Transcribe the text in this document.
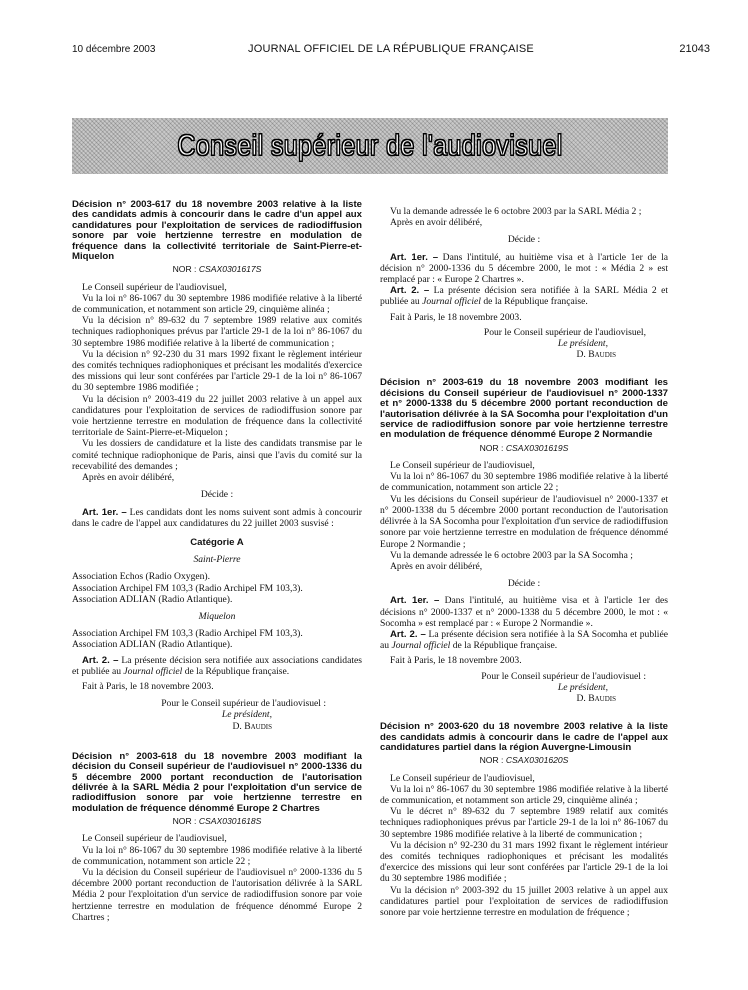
10 décembre 2003	JOURNAL OFFICIEL DE LA RÉPUBLIQUE FRANÇAISE	21043
Conseil supérieur de l'audiovisuel

Décision n° 2003-617 du 18 novembre 2003 relative à la liste des candidats admis à concourir dans le cadre d'un appel aux candidatures pour l'exploitation de services de radiodiffusion sonore par voie hertzienne terrestre en modulation de fréquence dans la collectivité territoriale de Saint-Pierre-et-Miquelon

NOR : CSAX0301617S

Le Conseil supérieur de l'audiovisuel,

Vu la loi n° 86-1067 du 30 septembre 1986 modifiée relative à la liberté de communication, et notamment son article 29, cinquième alinéa ;

Vu la décision n° 89-632 du 7 septembre 1989 relative aux comités techniques radiophoniques prévus par l'article 29-1 de la loi n° 86-1067 du 30 septembre 1986 modifiée relative à la liberté de communication ;

Vu la décision n° 92-230 du 31 mars 1992 fixant le règlement intérieur des comités techniques radiophoniques et précisant les modalités d'exercice des missions qui leur sont conférées par l'article 29-1 de la loi n° 86-1067 du 30 septembre 1986 modifiée ;

Vu la décision n° 2003-419 du 22 juillet 2003 relative à un appel aux candidatures pour l'exploitation de services de radiodiffusion sonore par voie hertzienne terrestre en modulation de fréquence dans la collectivité territoriale de Saint-Pierre-et-Miquelon ;

Vu les dossiers de candidature et la liste des candidats transmise par le comité technique radiophonique de Paris, ainsi que l'avis du comité sur la recevabilité des demandes ;

Après en avoir délibéré,

Décide :

Art. 1er. – Les candidats dont les noms suivent sont admis à concourir dans le cadre de l'appel aux candidatures du 22 juillet 2003 susvisé :

Catégorie A

Saint-Pierre

Association Echos (Radio Oxygen).

Association Archipel FM 103,3 (Radio Archipel FM 103,3).

Association ADLIAN (Radio Atlantique).

Miquelon

Association Archipel FM 103,3 (Radio Archipel FM 103,3).

Association ADLIAN (Radio Atlantique).

Art. 2. – La présente décision sera notifiée aux associations candidates et publiée au Journal officiel de la République française.

Fait à Paris, le 18 novembre 2003.

Pour le Conseil supérieur de l'audiovisuel :

Le président,

D. Baudis

Décision n° 2003-618 du 18 novembre 2003 modifiant la décision du Conseil supérieur de l'audiovisuel n° 2000-1336 du 5 décembre 2000 portant reconduction de l'autorisation délivrée à la SARL Média 2 pour l'exploitation d'un service de radiodiffusion sonore par voie hertzienne terrestre en modulation de fréquence dénommé Europe 2 Chartres

NOR : CSAX0301618S

Le Conseil supérieur de l'audiovisuel,

Vu la loi n° 86-1067 du 30 septembre 1986 modifiée relative à la liberté de communication, notamment son article 22 ;

Vu la décision du Conseil supérieur de l'audiovisuel n° 2000-1336 du 5 décembre 2000 portant reconduction de l'autorisation délivrée à la SARL Média 2 pour l'exploitation d'un service de radiodiffusion sonore par voie hertzienne terrestre en modulation de fréquence dénommé Europe 2 Chartres ;

Vu la demande adressée le 6 octobre 2003 par la SARL Média 2 ;

Après en avoir délibéré,

Décide :

Art. 1er. – Dans l'intitulé, au huitième visa et à l'article 1er de la décision n° 2000-1336 du 5 décembre 2000, le mot : « Média 2 » est remplacé par : « Europe 2 Chartres ».

Art. 2. – La présente décision sera notifiée à la SARL Média 2 et publiée au Journal officiel de la République française.

Fait à Paris, le 18 novembre 2003.

Pour le Conseil supérieur de l'audiovisuel,

Le président,

D. Baudis

Décision n° 2003-619 du 18 novembre 2003 modifiant les décisions du Conseil supérieur de l'audiovisuel n° 2000-1337 et n° 2000-1338 du 5 décembre 2000 portant reconduction de l'autorisation délivrée à la SA Socomha pour l'exploitation d'un service de radiodiffusion sonore par voie hertzienne terrestre en modulation de fréquence dénommé Europe 2 Normandie

NOR : CSAX0301619S

Le Conseil supérieur de l'audiovisuel,

Vu la loi n° 86-1067 du 30 septembre 1986 modifiée relative à la liberté de communication, notamment son article 22 ;

Vu les décisions du Conseil supérieur de l'audiovisuel n° 2000-1337 et n° 2000-1338 du 5 décembre 2000 portant reconduction de l'autorisation délivrée à la SA Socomha pour l'exploitation d'un service de radiodiffusion sonore par voie hertzienne terrestre en modulation de fréquence dénommé Europe 2 Normandie ;

Vu la demande adressée le 6 octobre 2003 par la SA Socomha ;

Après en avoir délibéré,

Décide :

Art. 1er. – Dans l'intitulé, au huitième visa et à l'article 1er des décisions n° 2000-1337 et n° 2000-1338 du 5 décembre 2000, le mot : « Socomha » est remplacé par : « Europe 2 Normandie ».

Art. 2. – La présente décision sera notifiée à la SA Socomha et publiée au Journal officiel de la République française.

Fait à Paris, le 18 novembre 2003.

Pour le Conseil supérieur de l'audiovisuel :

Le président,

D. Baudis

Décision n° 2003-620 du 18 novembre 2003 relative à la liste des candidats admis à concourir dans le cadre de l'appel aux candidatures partiel dans la région Auvergne-Limousin

NOR : CSAX0301620S

Le Conseil supérieur de l'audiovisuel,

Vu la loi n° 86-1067 du 30 septembre 1986 modifiée relative à la liberté de communication, et notamment son article 29, cinquième alinéa ;

Vu le décret n° 89-632 du 7 septembre 1989 relatif aux comités techniques radiophoniques prévus par l'article 29-1 de la loi n° 86-1067 du 30 septembre 1986 modifiée relative à la liberté de communication ;

Vu la décision n° 92-230 du 31 mars 1992 fixant le règlement intérieur des comités techniques radiophoniques et précisant les modalités d'exercice des missions qui leur sont conférées par l'article 29-1 de la loi du 30 septembre 1986 modifiée ;

Vu la décision n° 2003-392 du 15 juillet 2003 relative à un appel aux candidatures partiel pour l'exploitation de services de radiodiffusion sonore par voie hertzienne terrestre en modulation de fréquence ;
